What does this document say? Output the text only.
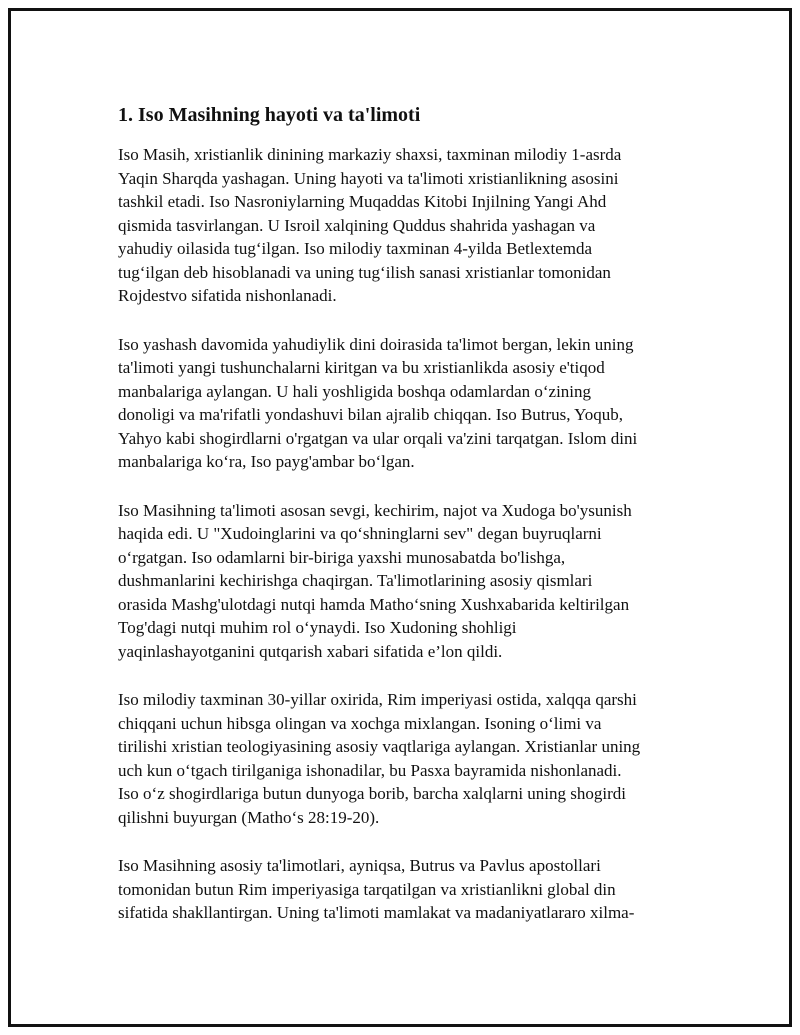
1. Iso Masihning hayoti va ta'limoti

Iso Masih, xristianlik dinining markaziy shaxsi, taxminan milodiy 1-asrda
Yaqin Sharqda yashagan. Uning hayoti va ta'limoti xristianlikning asosini
tashkil etadi. Iso Nasroniylarning Muqaddas Kitobi Injilning Yangi Ahd
qismida tasvirlangan. U Isroil xalqining Quddus shahrida yashagan va
yahudiy oilasida tug‘ilgan. Iso milodiy taxminan 4-yilda Betlextemda
tug‘ilgan deb hisoblanadi va uning tug‘ilish sanasi xristianlar tomonidan
Rojdestvo sifatida nishonlanadi.

Iso yashash davomida yahudiylik dini doirasida ta'limot bergan, lekin uning
ta'limoti yangi tushunchalarni kiritgan va bu xristianlikda asosiy e'tiqod
manbalariga aylangan. U hali yoshligida boshqa odamlardan o‘zining
donoligi va ma'rifatli yondashuvi bilan ajralib chiqqan. Iso Butrus, Yoqub,
Yahyo kabi shogirdlarni o'rgatgan va ular orqali va'zini tarqatgan. Islom dini
manbalariga ko‘ra, Iso payg'ambar bo‘lgan.

Iso Masihning ta'limoti asosan sevgi, kechirim, najot va Xudoga bo'ysunish
haqida edi. U "Xudoinglarini va qo‘shninglarni sev" degan buyruqlarni
o‘rgatgan. Iso odamlarni bir-biriga yaxshi munosabatda bo'lishga,
dushmanlarini kechirishga chaqirgan. Ta'limotlarining asosiy qismlari
orasida Mashg'ulotdagi nutqi hamda Matho‘sning Xushxabarida keltirilgan
Tog'dagi nutqi muhim rol o‘ynaydi. Iso Xudoning shohligi
yaqinlashayotganini qutqarish xabari sifatida e’lon qildi.

Iso milodiy taxminan 30-yillar oxirida, Rim imperiyasi ostida, xalqqa qarshi
chiqqani uchun hibsga olingan va xochga mixlangan. Isoning o‘limi va
tirilishi xristian teologiyasining asosiy vaqtlariga aylangan. Xristianlar uning
uch kun o‘tgach tirilganiga ishonadilar, bu Pasxa bayramida nishonlanadi.
Iso o‘z shogirdlariga butun dunyoga borib, barcha xalqlarni uning shogirdi
qilishni buyurgan (Matho‘s 28:19-20).

Iso Masihning asosiy ta'limotlari, ayniqsa, Butrus va Pavlus apostollari
tomonidan butun Rim imperiyasiga tarqatilgan va xristianlikni global din
sifatida shakllantirgan. Uning ta'limoti mamlakat va madaniyatlararo xilma-
